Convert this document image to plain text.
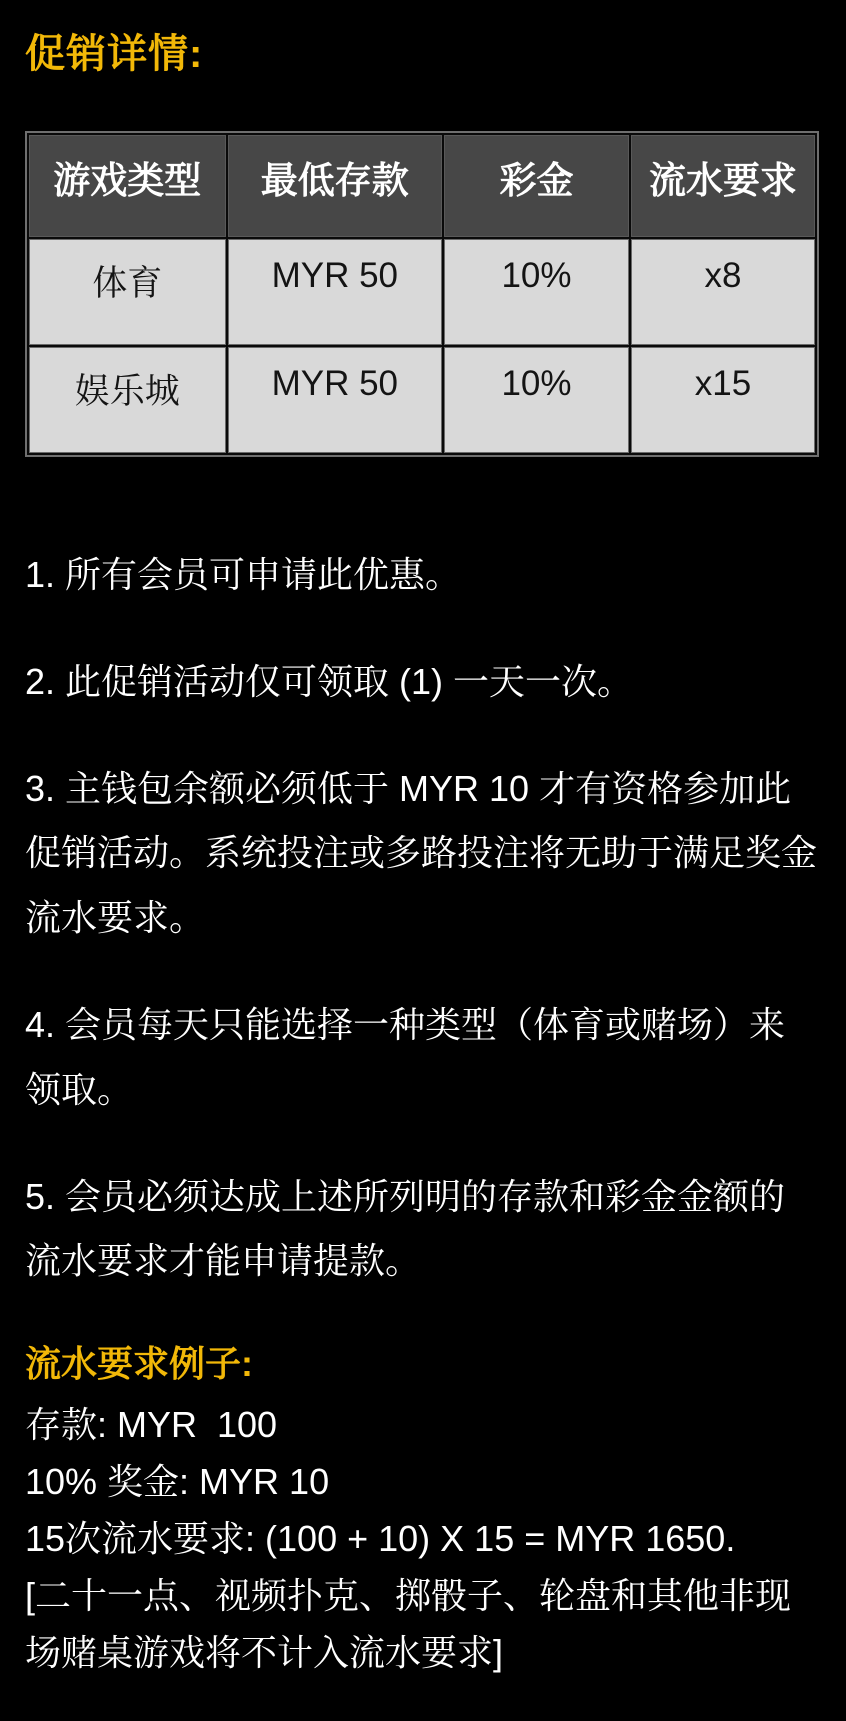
促销详情:
游戏类型	最低存款	彩金	流水要求
体育	MYR 50	10%	x8
娱乐城	MYR 50	10%	x15

1. 所有会员可申请此优惠。

2. 此促销活动仅可领取 (1) 一天一次。

3. 主钱包余额必须低于 MYR 10 才有资格参加此促销活动。系统投注或多路投注将无助于满足奖金流水要求。

4. 会员每天只能选择一种类型（体育或赌场）来领取。

5. 会员必须达成上述所列明的存款和彩金金额的流水要求才能申请提款。

流水要求例子:

存款: MYR  100

10% 奖金: MYR 10

15次流水要求: (100 + 10) X 15 = MYR 1650.

[二十一点、视频扑克、掷骰子、轮盘和其他非现场赌桌游戏将不计入流水要求]
